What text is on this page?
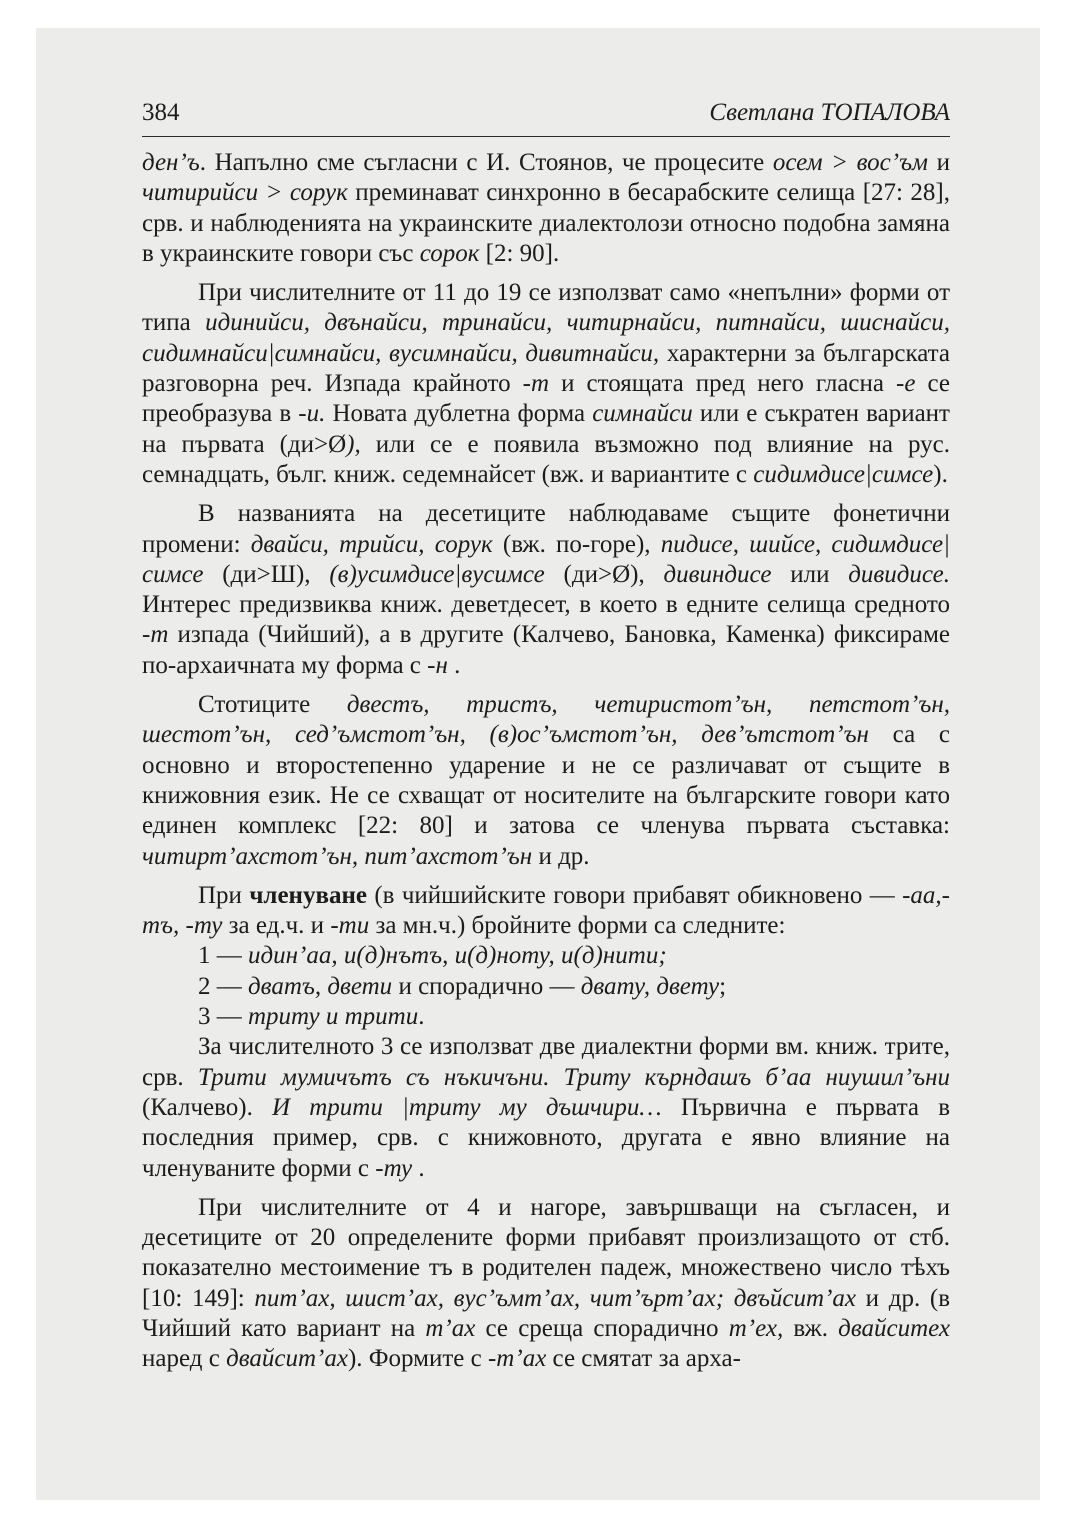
384	Светлана ТОПАЛОВА

ден’ъ. Напълно сме съгласни с И. Стоянов, че процесите осем > вос’ъм и читирийси > сорук преминават синхронно в бесарабските селища [27: 28], срв. и наблюденията на украинските диалектолози относно подобна замяна в украинските говори със сорок [2: 90].

При числителните от 11 до 19 се използват само «непълни» форми от типа идинийси, двънайси, тринайси, читирнайси, питнайси, шиснайси, сидимнайси|симнайси, вусимнайси, дивитнайси, характерни за българската разговорна реч. Изпада крайното -т и стоящата пред него гласна -е се преобразува в -и. Новата дублетна форма симнайси или е съкратен вариант на първата (ди>Ø), или се е появила възможно под влияние на рус. семнадцать, бълг. книж. седемнайсет (вж. и вариантите с сидимдисе|симсе).

В названията на десетиците наблюдаваме същите фонетични промени: двайси, трийси, сорук (вж. по-горе), пидисе, шийсе, сидимдисе|симсе (ди>Ш), (в)усимдисе|вусимсе (ди>Ø), дивиндисе или дивидисе. Интерес предизвиква книж. деветдесет, в което в едните селища средното -т изпада (Чийший), а в другите (Калчево, Бановка, Каменка) фиксираме по-архаичната му форма с -н .

Стотиците двестъ, тристъ, четиристот’ън, петстот’ън, шестот’ън, сед’ъмстот’ън, (в)ос’ъмстот’ън, дев’ътстот’ън са с основно и второстепенно ударение и не се различават от същите в книжовния език. Не се схващат от носителите на българските говори като единен комплекс [22: 80] и затова се членува първата съставка: читирт’ахстот’ън, пит’ахстот’ън и др.

При членуване (в чийшийските говори прибавят обикновено — -аа,-тъ, -ту за ед.ч. и -ти за мн.ч.) бройните форми са следните:

1 — идин’аа, и(д)нътъ, и(д)ноту, и(д)нити;

2 — дватъ, двети и спорадично — двату, двету;

3 — триту и трити.

За числителното 3 се използват две диалектни форми вм. книж. трите, срв. Трити мумичътъ съ нъкичъни. Триту кърндашъ б’аа ниушил’ъни (Калчево). И трити |триту му дъшчири… Първична е първата в последния пример, срв. с книжовното, другата е явно влияние на членуваните форми с -ту .

При числителните от 4 и нагоре, завършващи на съгласен, и десетиците от 20 определените форми прибавят произлизащото от стб. показателно местоимение тъ в родителен падеж, множествено число тѣхъ [10: 149]: пит’ах, шист’ах, вус’ъмт’ах, чит’ърт’ах; двъйсит’ах и др. (в Чийший като вариант на т’ах се среща спорадично т’ех, вж. двайситех наред с двайсит’ах). Формите с -т’ах се смятат за арха-
